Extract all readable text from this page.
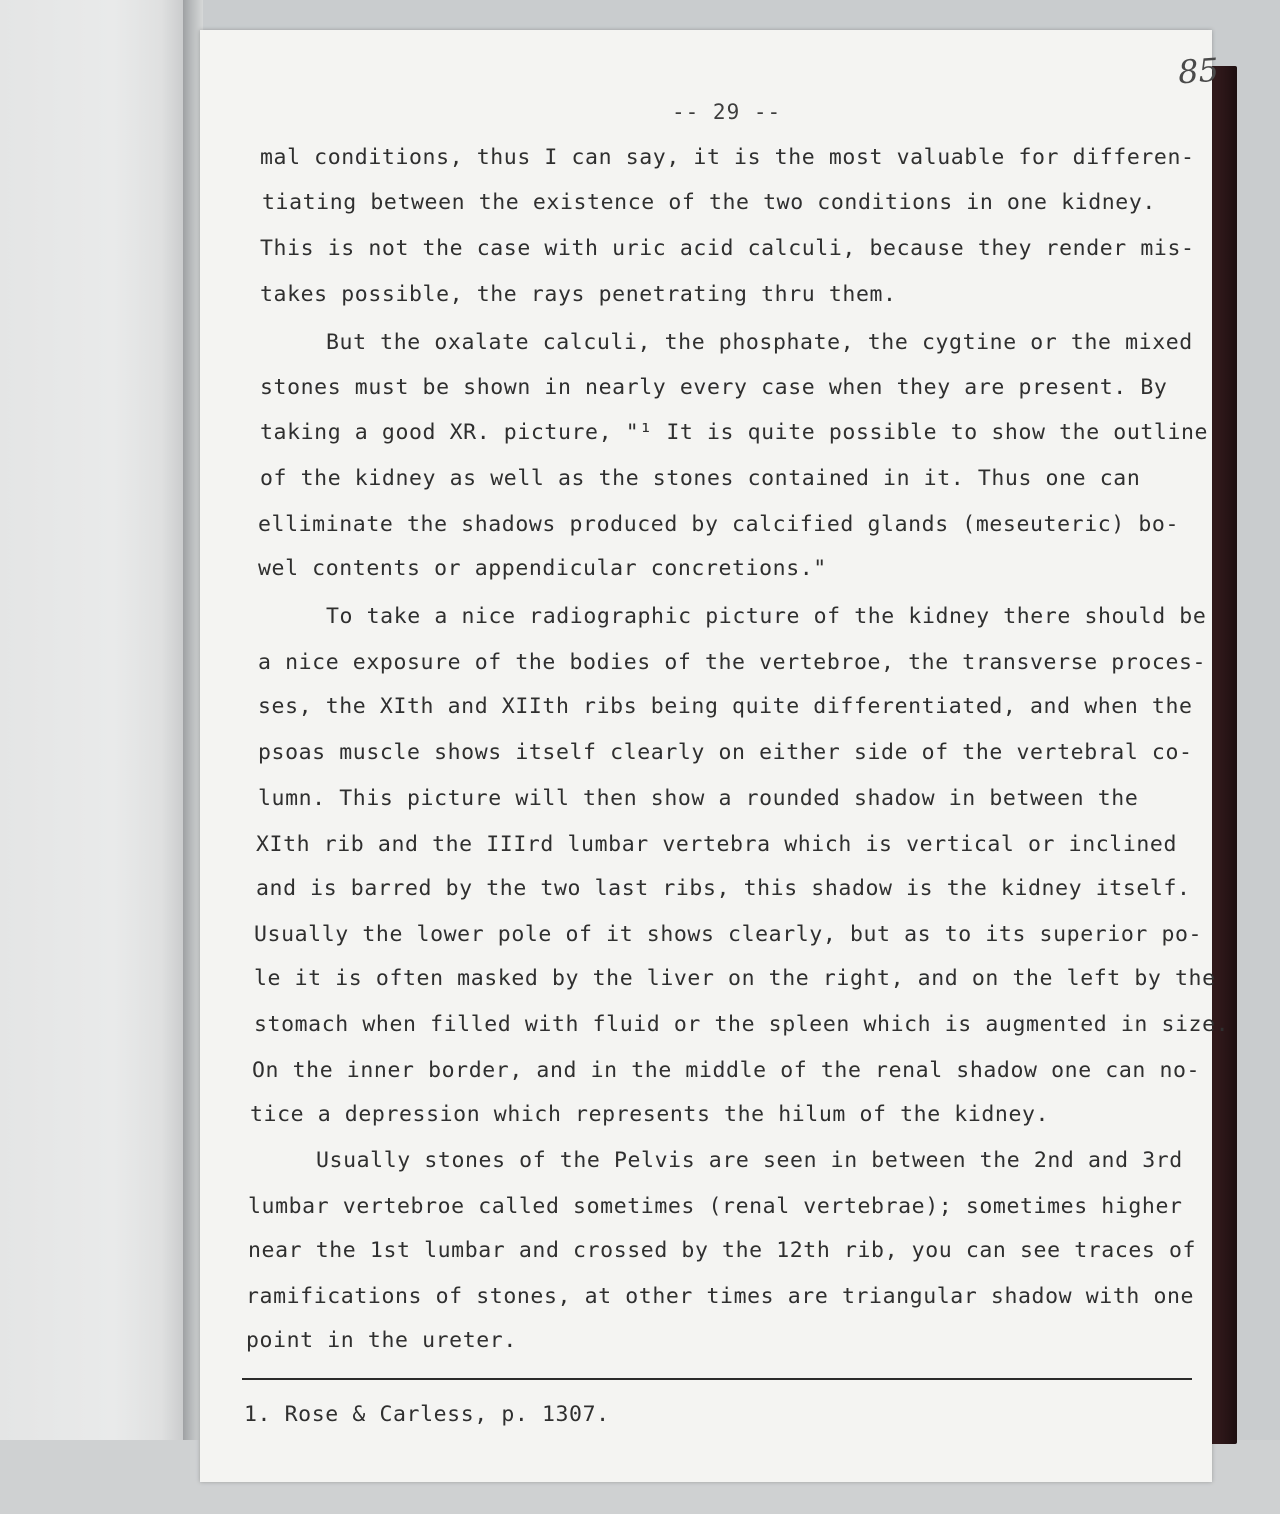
85
-- 29 --
mal conditions, thus I can say, it is the most valuable for differen-
tiating between the existence of the two conditions in one kidney.
This is not the case with uric acid calculi, because they render mis-
takes possible, the rays penetrating thru them.
But the oxalate calculi, the phosphate, the cygtine or the mixed
stones must be shown in nearly every case when they are present. By
taking a good XR. picture, "¹ It is quite possible to show the outline
of the kidney as well as the stones contained in it. Thus one can
elliminate the shadows produced by calcified glands (meseuteric) bo-
wel contents or appendicular concretions."
To take a nice radiographic picture of the kidney there should be
a nice exposure of the bodies of the vertebroe, the transverse proces-
ses, the XIth and XIIth ribs being quite differentiated, and when the
psoas muscle shows itself clearly on either side of the vertebral co-
lumn. This picture will then show a rounded shadow in between the
XIth rib and the IIIrd lumbar vertebra which is vertical or inclined
and is barred by the two last ribs, this shadow is the kidney itself.
Usually the lower pole of it shows clearly, but as to its superior po-
le it is often masked by the liver on the right, and on the left by the
stomach when filled with fluid or the spleen which is augmented in size.
On the inner border, and in the middle of the renal shadow one can no-
tice a depression which represents the hilum of the kidney.
Usually stones of the Pelvis are seen in between the 2nd and 3rd
lumbar vertebroe called sometimes (renal vertebrae); sometimes higher
near the 1st lumbar and crossed by the 12th rib, you can see traces of
ramifications of stones, at other times are triangular shadow with one
point in the ureter.
1. Rose & Carless, p. 1307.
